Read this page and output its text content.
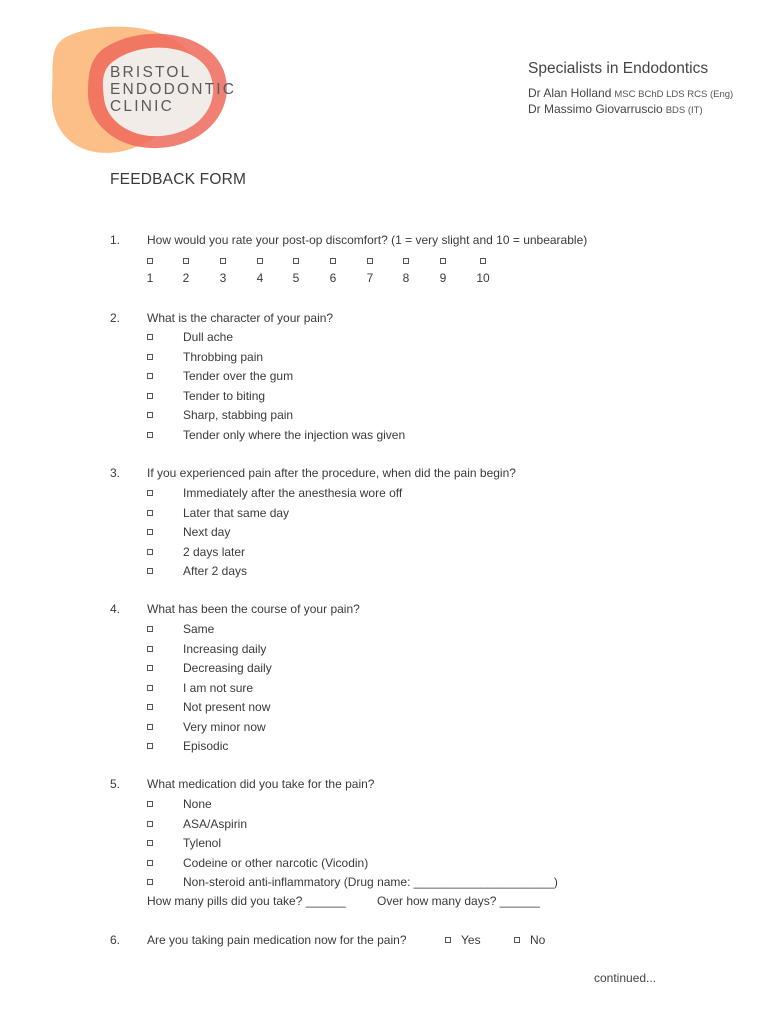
BRISTOL
ENDODONTIC
CLINIC
Specialists in Endodontics
Dr Alan Holland MSC BChD LDS RCS (Eng)
Dr Massimo Giovarruscio BDS (IT)
FEEDBACK FORM
1. How would you rate your post-op discomfort? (1 = very slight and 10 = unbearable)
1	2	3	4	5	6	7	8	9	10
2. What is the character of your pain?
Dull ache
Throbbing pain
Tender over the gum
Tender to biting
Sharp, stabbing pain
Tender only where the injection was given
3. If you experienced pain after the procedure, when did the pain begin?
Immediately after the anesthesia wore off
Later that same day
Next day
2 days later
After 2 days
4. What has been the course of your pain?
Same
Increasing daily
Decreasing daily
I am not sure
Not present now
Very minor now
Episodic
5. What medication did you take for the pain?
None
ASA/Aspirin
Tylenol
Codeine or other narcotic (Vicodin)
Non-steroid anti-inflammatory (Drug name: _____________________)
How many pills did you take? ______	Over how many days? ______
6. Are you taking pain medication now for the pain?	Yes	No
continued...
